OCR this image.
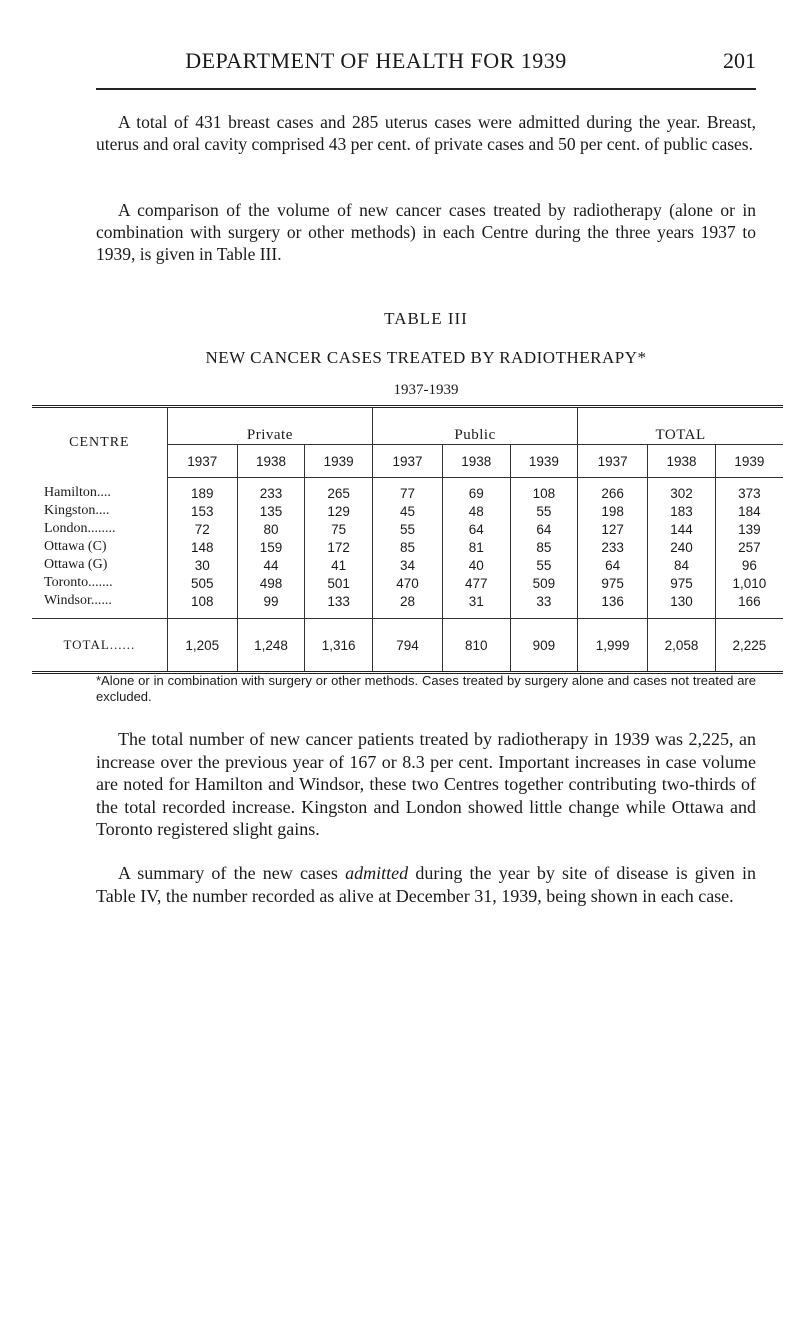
DEPARTMENT OF HEALTH FOR 1939	201

A total of 431 breast cases and 285 uterus cases were admitted during the year. Breast, uterus and oral cavity comprised 43 per cent. of private cases and 50 per cent. of public cases.

A comparison of the volume of new cancer cases treated by radiotherapy (alone or in combination with surgery or other methods) in each Centre during the three years 1937 to 1939, is given in Table III.

TABLE III

NEW CANCER CASES TREATED BY RADIOTHERAPY*

1937-1939

CENTRE	Private			Public			TOTAL		
	1937	1938	1939	1937	1938	1939	1937	1938	1939
Hamilton....	189	233	265	77	69	108	266	302	373
Kingston....	153	135	129	45	48	55	198	183	184
London........	72	80	75	55	64	64	127	144	139
Ottawa (C)	148	159	172	85	81	85	233	240	257
Ottawa (G)	30	44	41	34	40	55	64	84	96
Toronto.......	505	498	501	470	477	509	975	975	1,010
Windsor......	108	99	133	28	31	33	136	130	166
TOTAL......	1,205	1,248	1,316	794	810	909	1,999	2,058	2,225

*Alone or in combination with surgery or other methods. Cases treated by surgery alone and cases not treated are excluded.

The total number of new cancer patients treated by radiotherapy in 1939 was 2,225, an increase over the previous year of 167 or 8.3 per cent. Important increases in case volume are noted for Hamilton and Windsor, these two Centres together contributing two-thirds of the total recorded increase. Kingston and London showed little change while Ottawa and Toronto registered slight gains.

A summary of the new cases admitted during the year by site of disease is given in Table IV, the number recorded as alive at December 31, 1939, being shown in each case.
